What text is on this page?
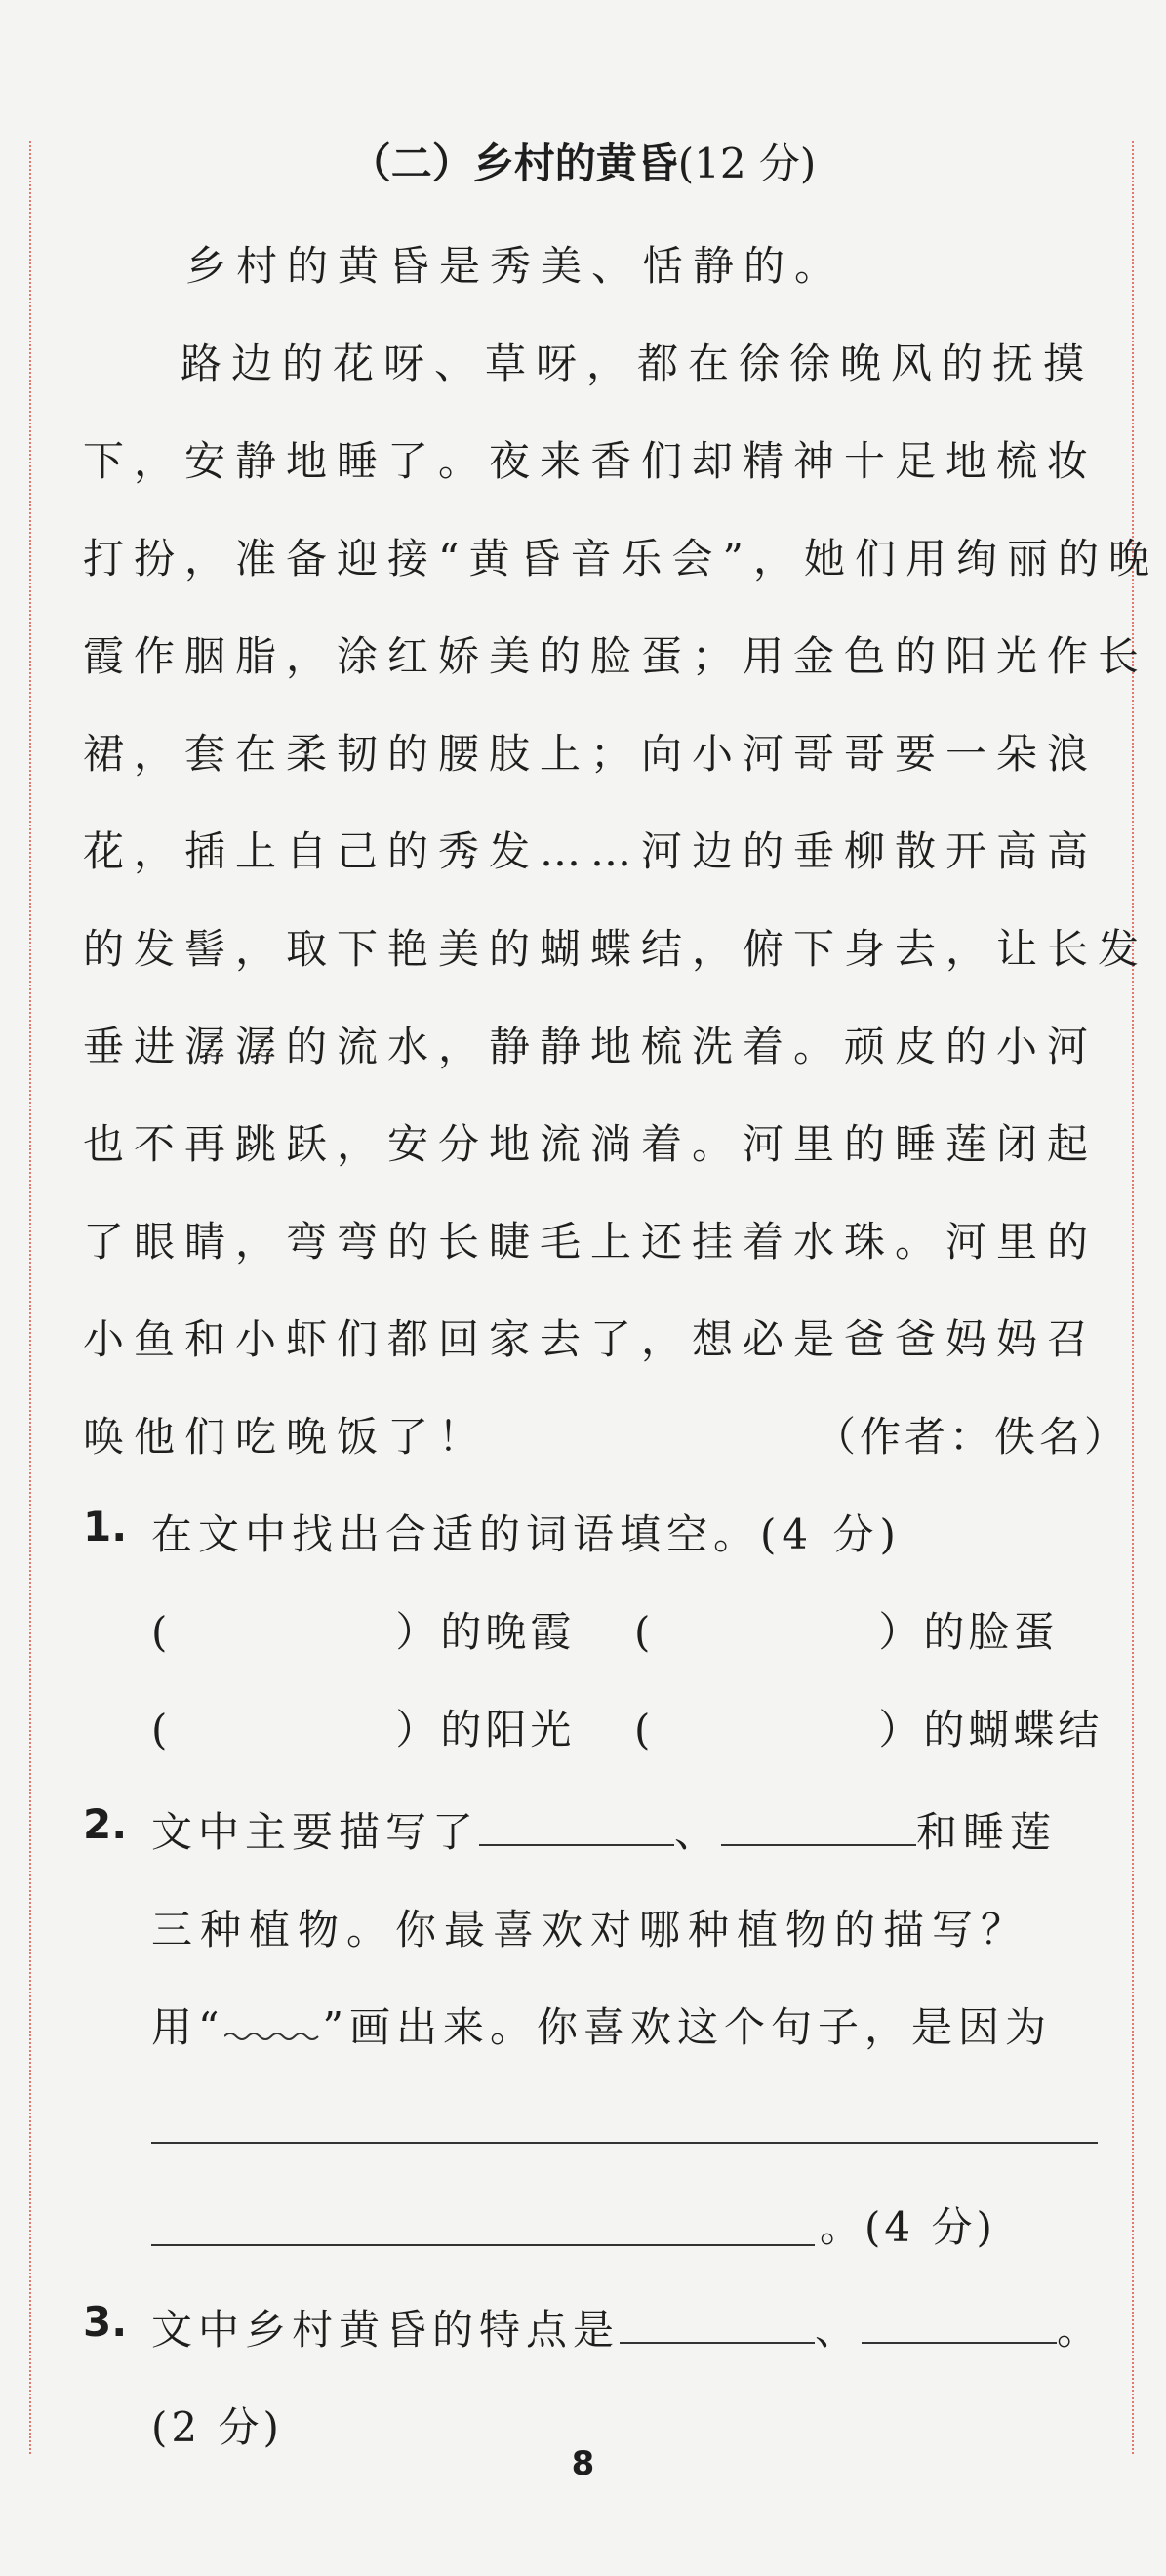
（二）乡村的黄昏(12 分)
乡村的黄昏是秀美、恬静的。
路边的花呀、草呀，都在徐徐晚风的抚摸
下，安静地睡了。夜来香们却精神十足地梳妆
打扮，准备迎接“黄昏音乐会”，她们用绚丽的晚
霞作胭脂，涂红娇美的脸蛋；用金色的阳光作长
裙，套在柔韧的腰肢上；向小河哥哥要一朵浪
花，插上自己的秀发……河边的垂柳散开高高
的发髻，取下艳美的蝴蝶结，俯下身去，让长发
垂进潺潺的流水，静静地梳洗着。顽皮的小河
也不再跳跃，安分地流淌着。河里的睡莲闭起
了眼睛，弯弯的长睫毛上还挂着水珠。河里的
小鱼和小虾们都回家去了，想必是爸爸妈妈召
唤他们吃晚饭了！	（作者：佚名）
1. 在文中找出合适的词语填空。(4 分)
(	）的晚霞 (	）的脸蛋
(	）的阳光 (	）的蝴蝶结
2. 文中主要描写了	、	和睡莲
三种植物。你最喜欢对哪种植物的描写？
用“ ”画出来。你喜欢这个句子，是因为
。(4 分)
3. 文中乡村黄昏的特点是	、	。
(2 分)
8
